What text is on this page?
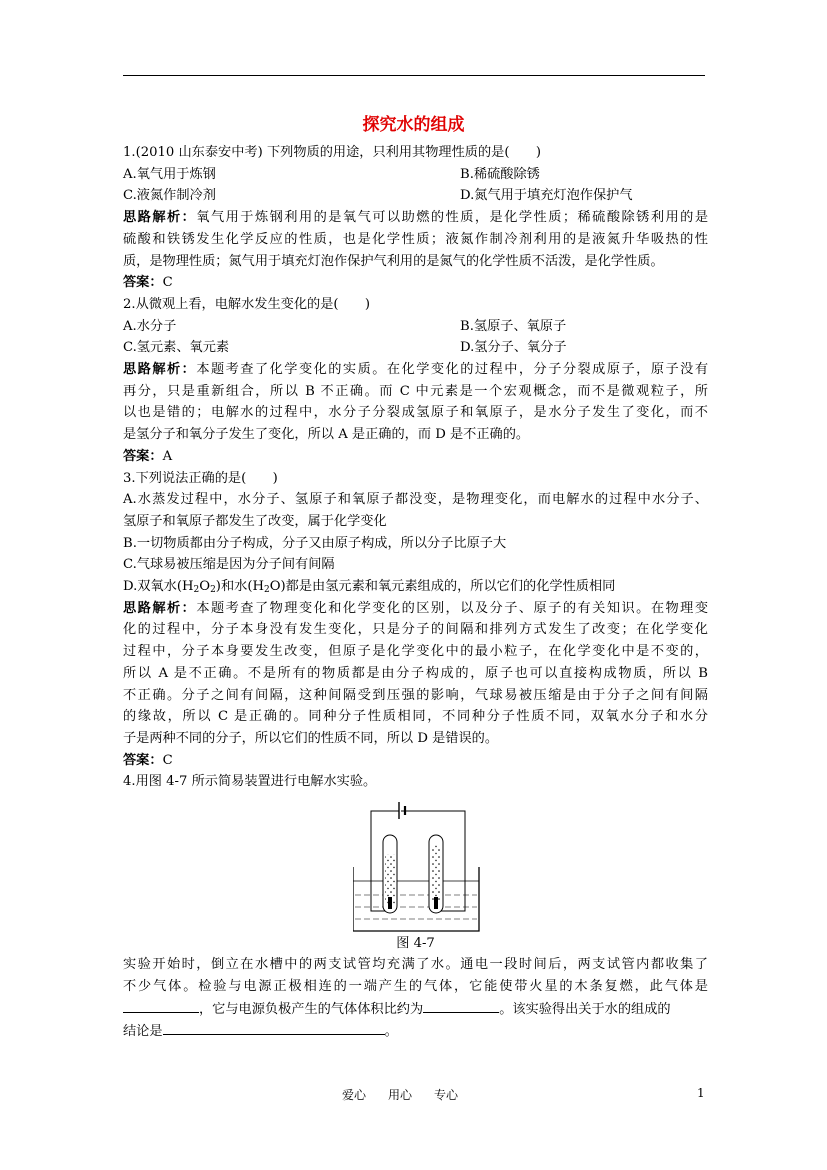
探究水的组成
1.(2010 山东泰安中考) 下列物质的用途，只利用其物理性质的是(　　)
A.氧气用于炼钢	B.稀硫酸除锈
C.液氮作制冷剂	D.氮气用于填充灯泡作保护气
思路解析：氧气用于炼钢利用的是氧气可以助燃的性质，是化学性质；稀硫酸除锈利用的是
硫酸和铁锈发生化学反应的性质，也是化学性质；液氮作制冷剂利用的是液氮升华吸热的性
质，是物理性质；氮气用于填充灯泡作保护气利用的是氮气的化学性质不活泼，是化学性质。
答案：C
2.从微观上看，电解水发生变化的是(　　)
A.水分子	B.氢原子、氧原子
C.氢元素、氧元素	D.氢分子、氧分子
思路解析：本题考查了化学变化的实质。在化学变化的过程中，分子分裂成原子，原子没有
再分，只是重新组合，所以 B 不正确。而 C 中元素是一个宏观概念，而不是微观粒子，所
以也是错的；电解水的过程中，水分子分裂成氢原子和氧原子，是水分子发生了变化，而不
是氢分子和氧分子发生了变化，所以 A 是正确的，而 D 是不正确的。
答案：A
3.下列说法正确的是(　　)
A.水蒸发过程中，水分子、氢原子和氧原子都没变，是物理变化，而电解水的过程中水分子、
氢原子和氧原子都发生了改变，属于化学变化
B.一切物质都由分子构成，分子又由原子构成，所以分子比原子大
C.气球易被压缩是因为分子间有间隔
D.双氧水$(H_2O_2)$和水$(H_2O)$都是由氢元素和氧元素组成的，所以它们的化学性质相同
思路解析：本题考查了物理变化和化学变化的区别，以及分子、原子的有关知识。在物理变
化的过程中，分子本身没有发生变化，只是分子的间隔和排列方式发生了改变；在化学变化
过程中，分子本身要发生改变，但原子是化学变化中的最小粒子，在化学变化中是不变的，
所以 A 是不正确。不是所有的物质都是由分子构成的，原子也可以直接构成物质，所以 B
不正确。分子之间有间隔，这种间隔受到压强的影响，气球易被压缩是由于分子之间有间隔
的缘故，所以 C 是正确的。同种分子性质相同，不同种分子性质不同，双氧水分子和水分
子是两种不同的分子，所以它们的性质不同，所以 D 是错误的。
答案：C
4.用图 4-7 所示简易装置进行电解水实验。
图 4-7
实验开始时，倒立在水槽中的两支试管均充满了水。通电一段时间后，两支试管内都收集了
不少气体。检验与电源正极相连的一端产生的气体，它能使带火星的木条复燃，此气体是
，它与电源负极产生的气体体积比约为	。该实验得出关于水的组成的
结论是	。
爱心 用心 专心	1
